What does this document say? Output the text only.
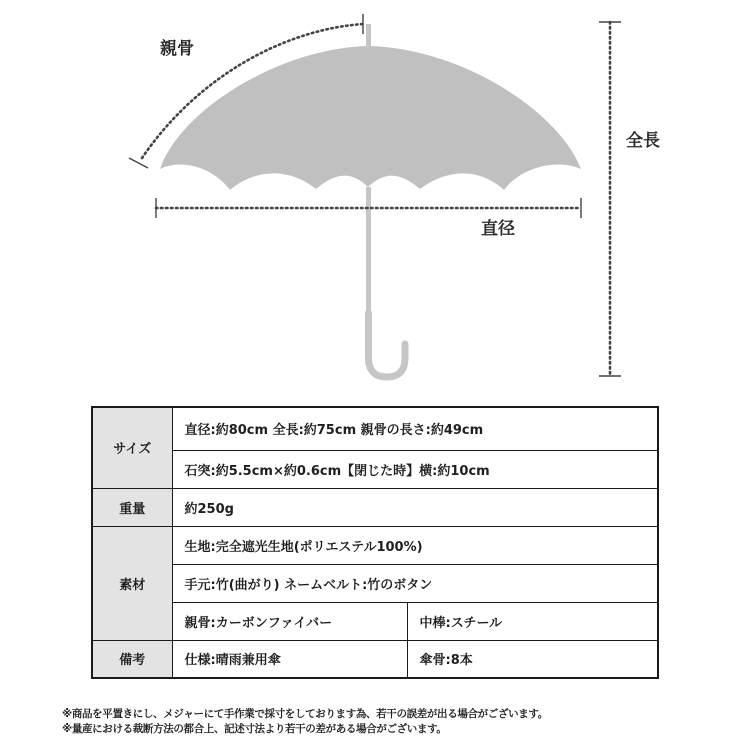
親骨
直径
全長
サイズ	直径:約80cm 全長:約75cm 親骨の長さ:約49cm	
	石突:約5.5cm×約0.6cm【閉じた時】横:約10cm	
重量	約250g	
素材	生地:完全遮光生地(ポリエステル100%)	
	手元:竹(曲がり) ネームベルト:竹のボタン	
	親骨:カーボンファイバー	中棒:スチール
備考	仕様:晴雨兼用傘	傘骨:8本
※商品を平置きにし、メジャーにて手作業で採寸をしております為、若干の誤差が出る場合がございます。
※量産における裁断方法の都合上、記述寸法より若干の差がある場合がございます。
